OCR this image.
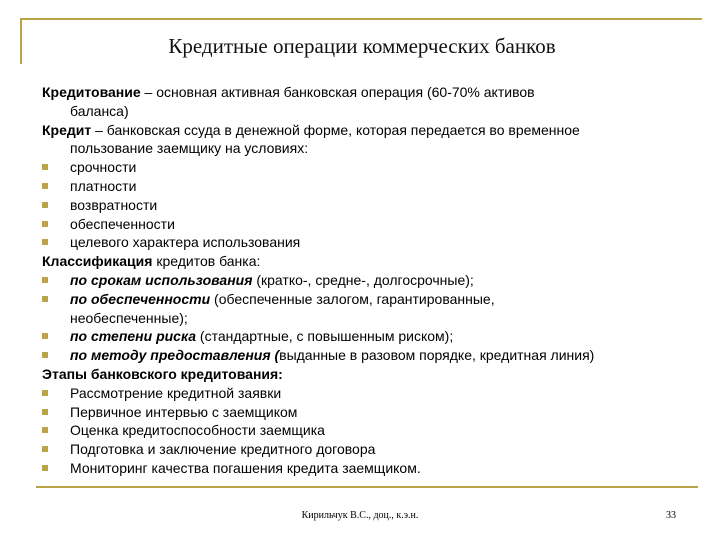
Кредитные операции коммерческих банков
Кредитование – основная активная банковская операция (60-70% активов
баланса)
Кредит – банковская ссуда в денежной форме, которая передается во временное
пользование заемщику на условиях:
срочности
платности
возвратности
обеспеченности
целевого характера использования
Классификация кредитов банка:
по срокам использования (кратко-, средне-, долгосрочные);
по обеспеченности (обеспеченные залогом, гарантированные,
необеспеченные);
по степени риска (стандартные, с повышенным риском);
по методу предоставления (выданные в разовом порядке, кредитная линия)
Этапы банковского кредитования:
Рассмотрение кредитной заявки
Первичное интервью с заемщиком
Оценка кредитоспособности заемщика
Подготовка и заключение кредитного договора
Мониторинг качества погашения кредита заемщиком.
Кирильчук В.С., доц., к.э.н.	33
